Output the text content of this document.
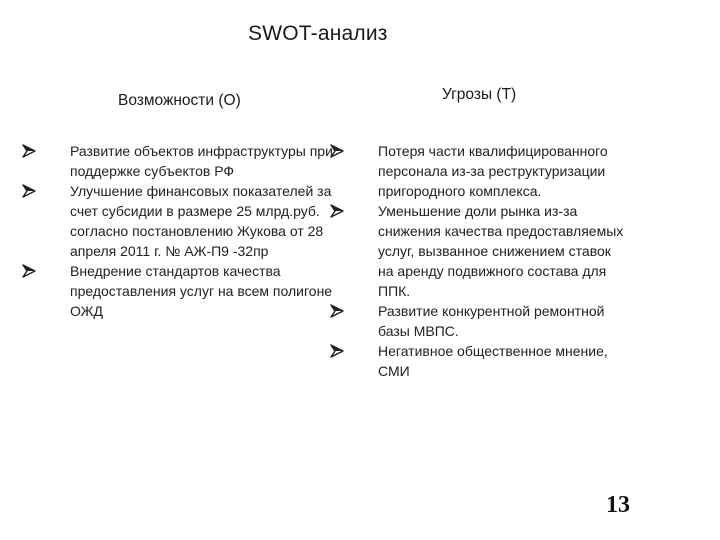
SWOT-анализ
Возможности (О)	Угрозы (Т)
Развитие объектов инфраструктуры при поддержке субъектов РФ
Улучшение финансовых показателей за счет субсидии в размере 25 млрд.руб. согласно постановлению Жукова от 28 апреля 2011 г. № АЖ-П9 -32пр
Внедрение стандартов качества предоставления услуг на всем полигоне ОЖД
Потеря части квалифицированного персонала из-за реструктуризации пригородного комплекса.
Уменьшение доли рынка из-за снижения качества предоставляемых услуг, вызванное снижением ставок на аренду подвижного состава для ППК.
Развитие конкурентной ремонтной базы МВПС.
Негативное общественное мнение, СМИ
13
